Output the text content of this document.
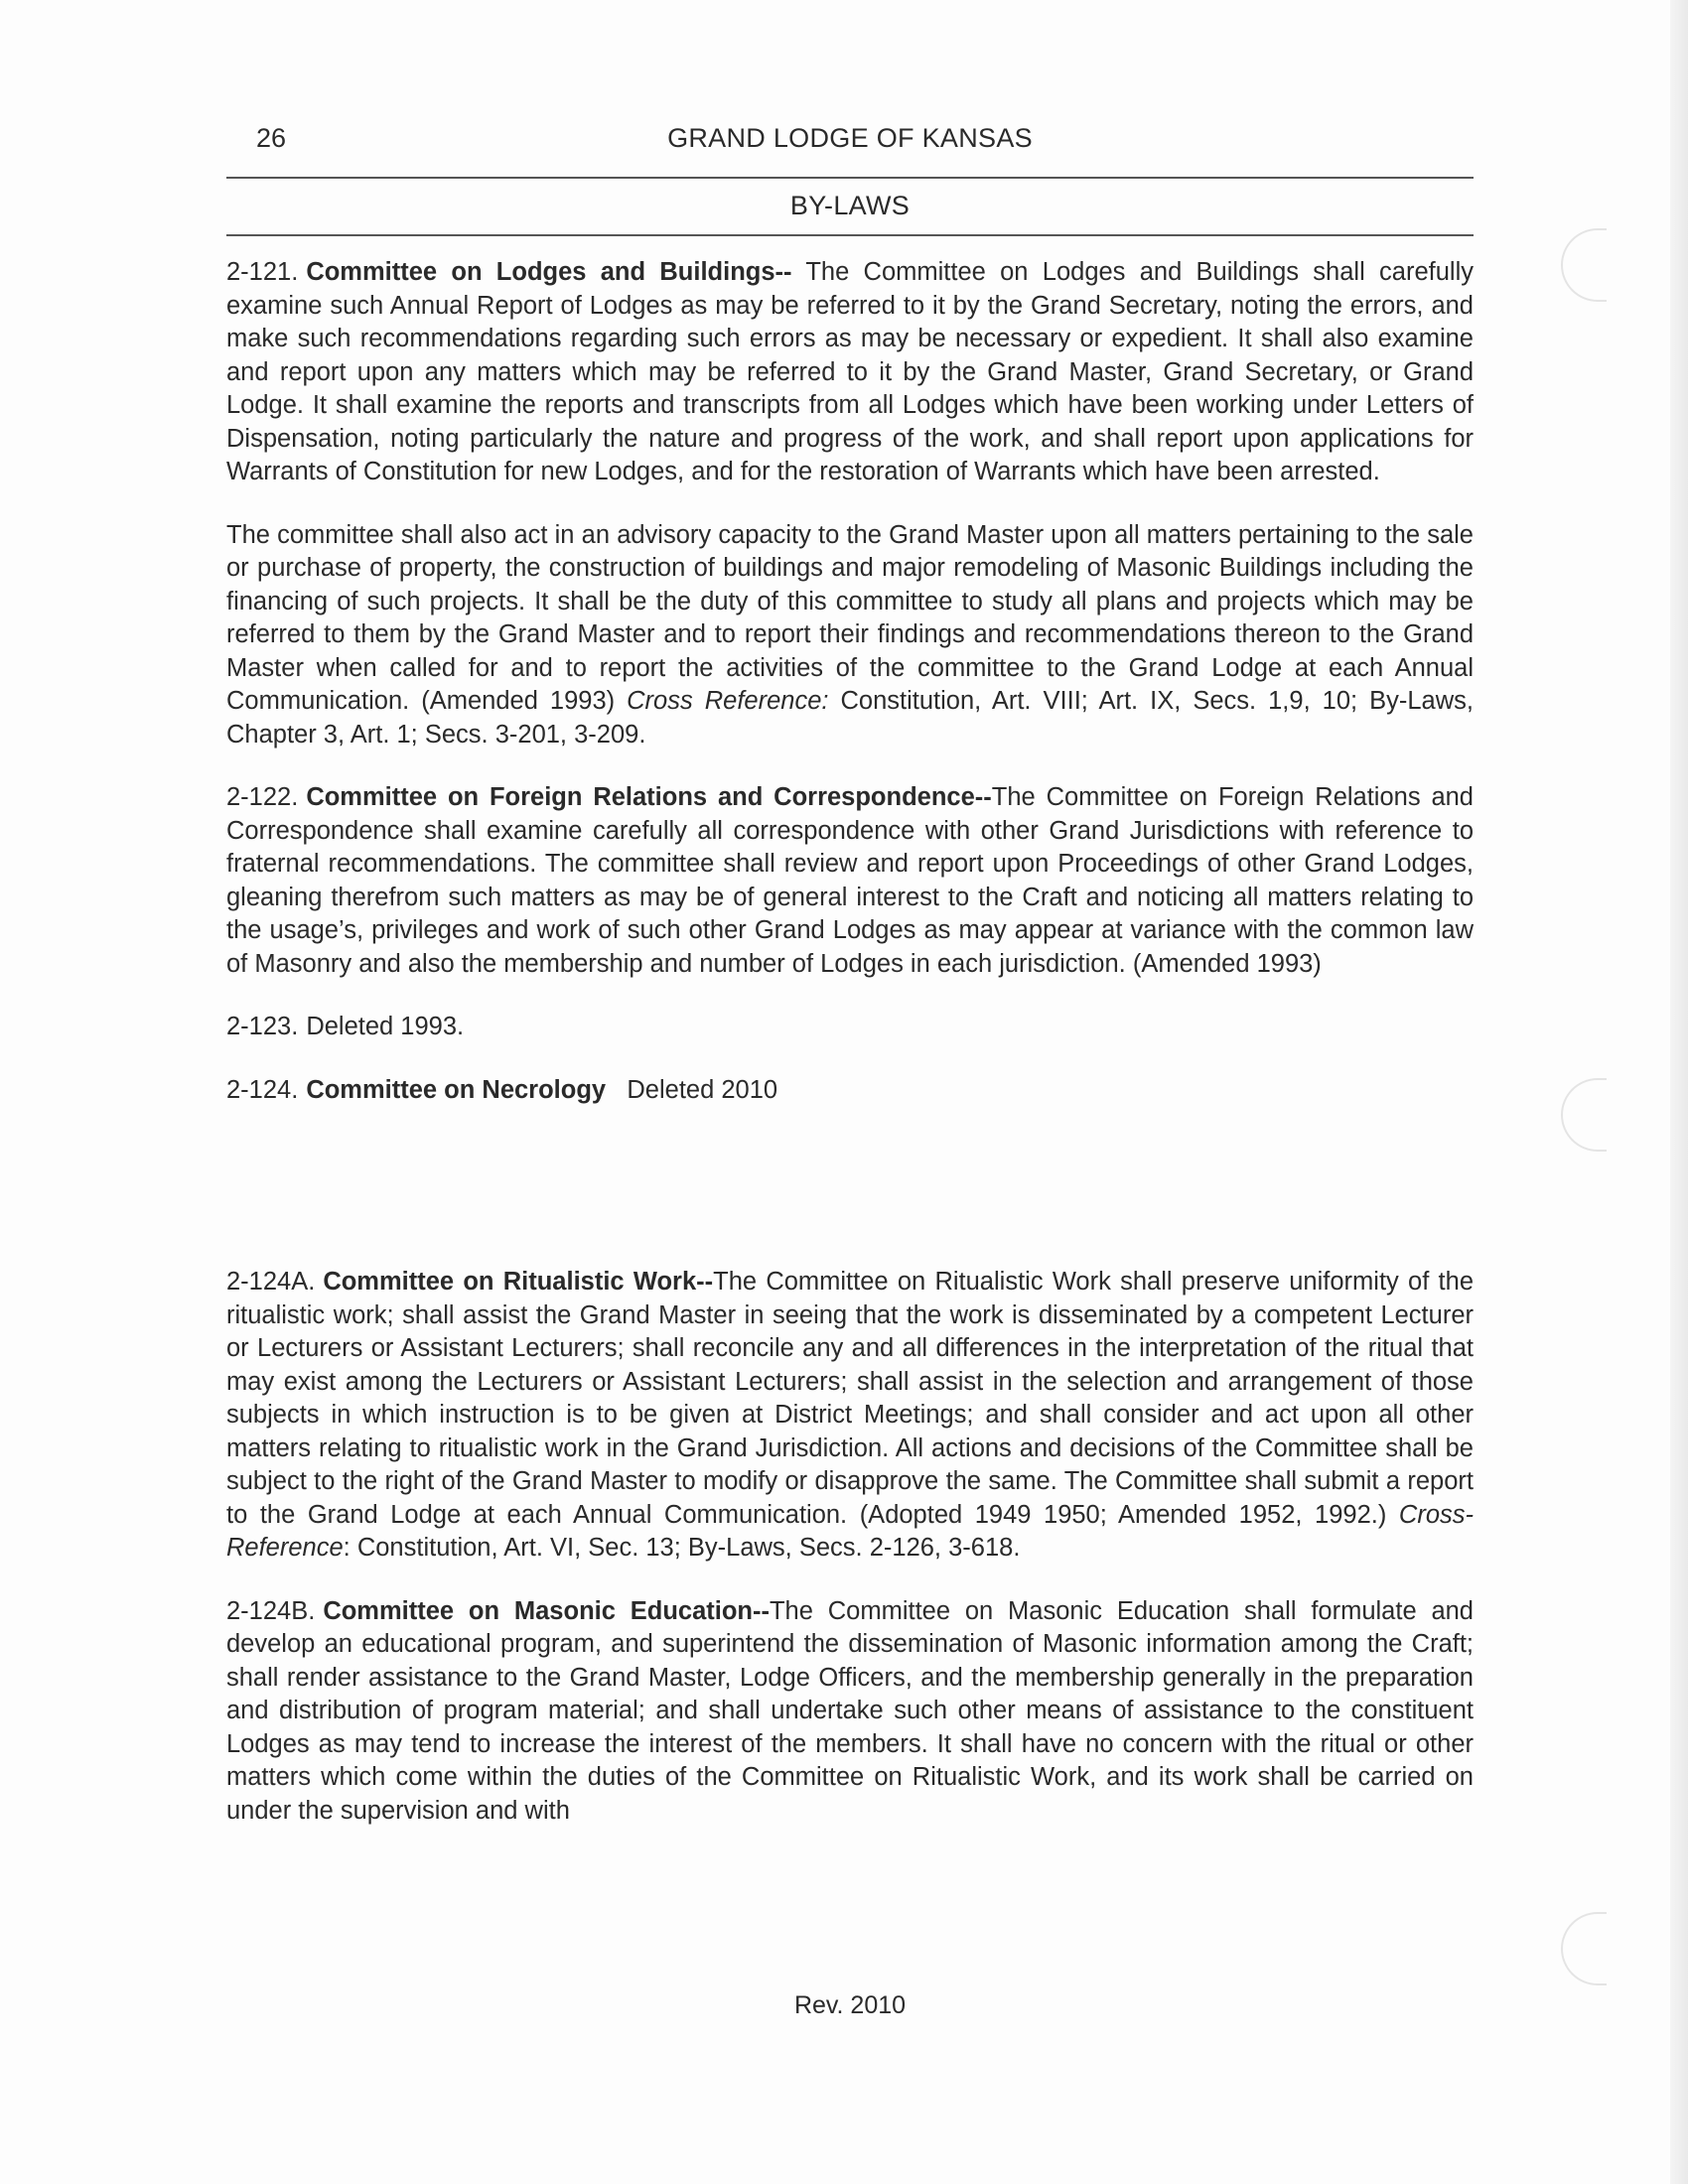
26	GRAND LODGE OF KANSAS
BY-LAWS

2-121. Committee on Lodges and Buildings-- The Committee on Lodges and Buildings shall carefully examine such Annual Report of Lodges as may be referred to it by the Grand Secretary, noting the errors, and make such recommendations regarding such errors as may be necessary or expedient. It shall also examine and report upon any matters which may be referred to it by the Grand Master, Grand Secretary, or Grand Lodge. It shall examine the reports and transcripts from all Lodges which have been working under Letters of Dispensation, noting particularly the nature and progress of the work, and shall report upon applications for Warrants of Constitution for new Lodges, and for the restoration of Warrants which have been arrested.

The committee shall also act in an advisory capacity to the Grand Master upon all matters pertaining to the sale or purchase of property, the construction of buildings and major remodeling of Masonic Buildings including the financing of such projects. It shall be the duty of this committee to study all plans and projects which may be referred to them by the Grand Master and to report their findings and recommendations thereon to the Grand Master when called for and to report the activities of the committee to the Grand Lodge at each Annual Communication. (Amended 1993) Cross Reference: Constitution, Art. VIII; Art. IX, Secs. 1,9, 10; By-Laws, Chapter 3, Art. 1; Secs. 3-201, 3-209.

2-122. Committee on Foreign Relations and Correspondence--The Committee on Foreign Relations and Correspondence shall examine carefully all correspondence with other Grand Jurisdictions with reference to fraternal recommendations. The committee shall review and report upon Proceedings of other Grand Lodges, gleaning therefrom such matters as may be of general interest to the Craft and noticing all matters relating to the usage’s, privileges and work of such other Grand Lodges as may appear at variance with the common law of Masonry and also the membership and number of Lodges in each jurisdiction. (Amended 1993)

2-123. Deleted 1993.

2-124. Committee on Necrology Deleted 2010

2-124A. Committee on Ritualistic Work--The Committee on Ritualistic Work shall preserve uniformity of the ritualistic work; shall assist the Grand Master in seeing that the work is disseminated by a competent Lecturer or Lecturers or Assistant Lecturers; shall reconcile any and all differences in the interpretation of the ritual that may exist among the Lecturers or Assistant Lecturers; shall assist in the selection and arrangement of those subjects in which instruction is to be given at District Meetings; and shall consider and act upon all other matters relating to ritualistic work in the Grand Jurisdiction. All actions and decisions of the Committee shall be subject to the right of the Grand Master to modify or disapprove the same. The Committee shall submit a report to the Grand Lodge at each Annual Communication. (Adopted 1949 1950; Amended 1952, 1992.) Cross-Reference: Constitution, Art. VI, Sec. 13; By-Laws, Secs. 2-126, 3-618.

2-124B. Committee on Masonic Education--The Committee on Masonic Education shall formulate and develop an educational program, and superintend the dissemination of Masonic information among the Craft; shall render assistance to the Grand Master, Lodge Officers, and the membership generally in the preparation and distribution of program material; and shall undertake such other means of assistance to the constituent Lodges as may tend to increase the interest of the members. It shall have no concern with the ritual or other matters which come within the duties of the Committee on Ritualistic Work, and its work shall be carried on under the supervision and with

Rev. 2010
